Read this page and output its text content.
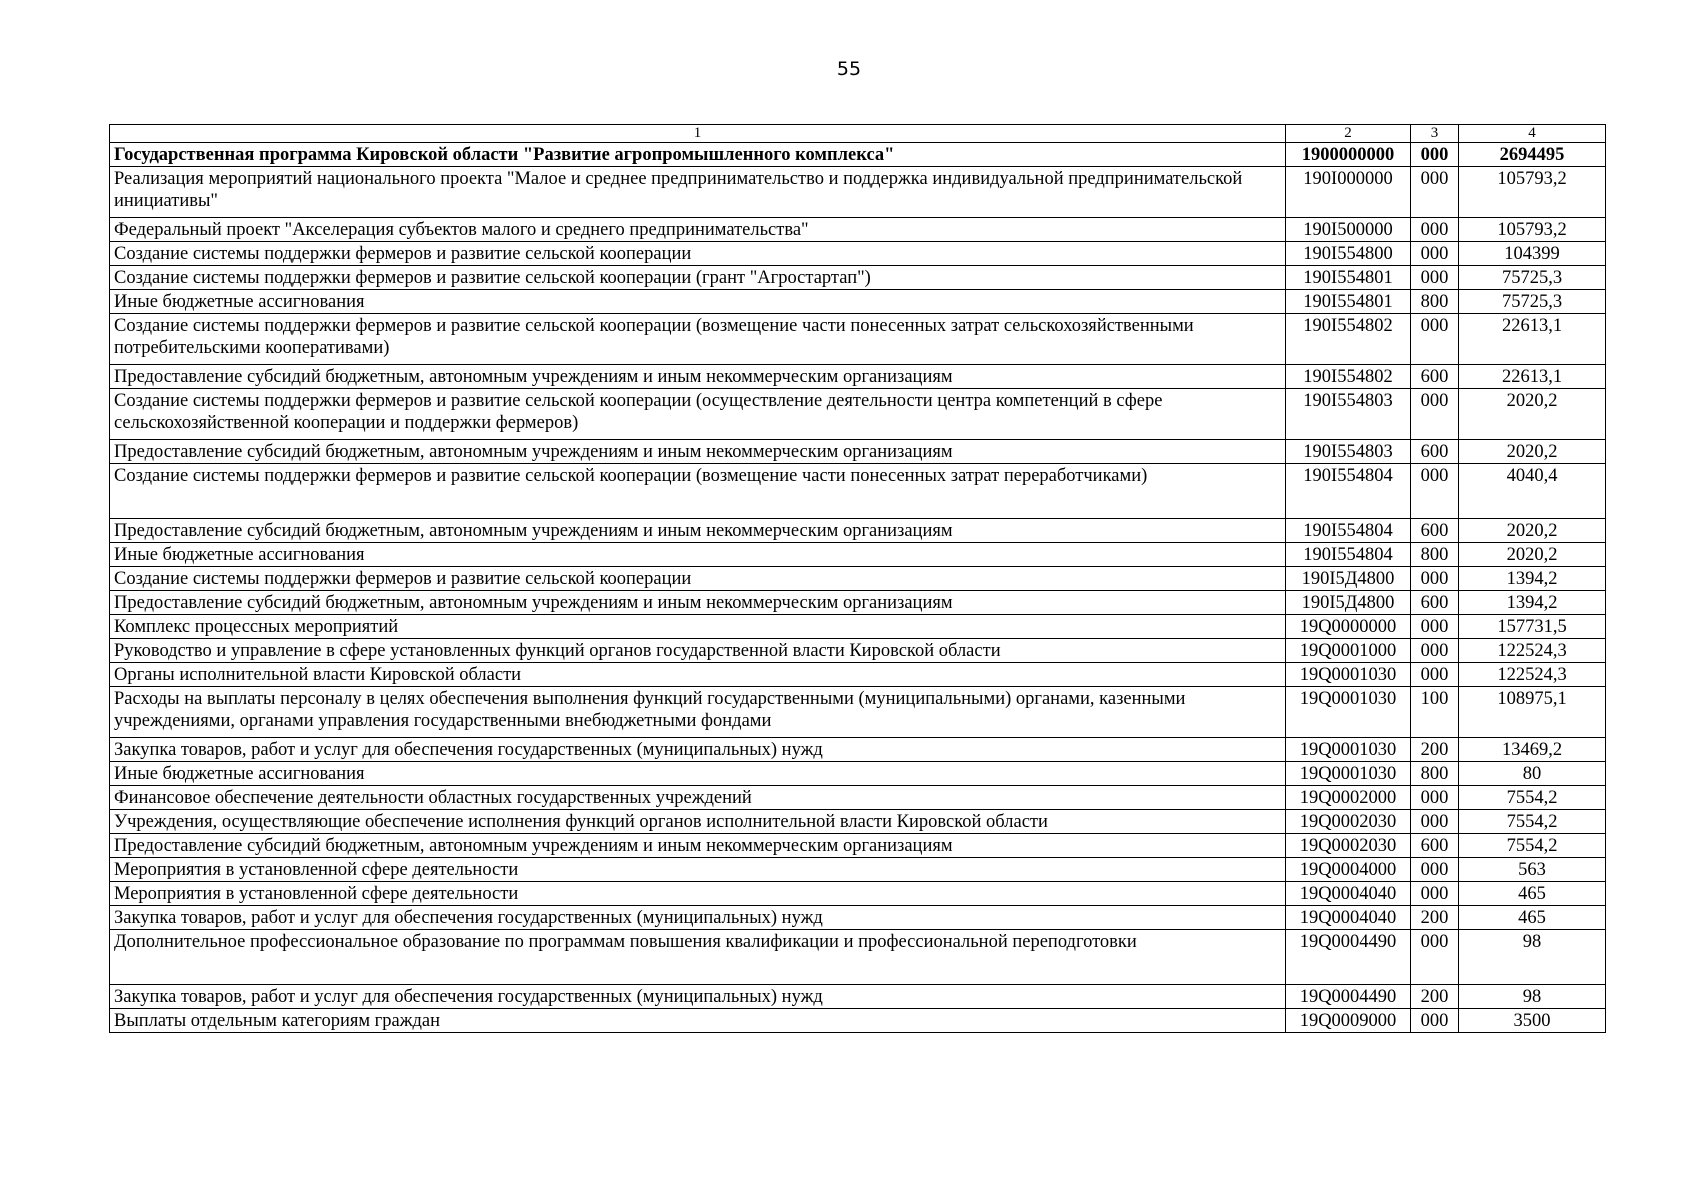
55
1	2	3	4
Государственная программа Кировской области "Развитие агропромышленного комплекса"	1900000000	000	2694495
Реализация мероприятий национального проекта "Малое и среднее предпринимательство и поддержка индивидуальной предпринимательской инициативы"	190I000000	000	105793,2
Федеральный проект "Акселерация субъектов малого и среднего предпринимательства"	190I500000	000	105793,2
Создание системы поддержки фермеров и развитие сельской кооперации	190I554800	000	104399
Создание системы поддержки фермеров и развитие сельской кооперации (грант "Агростартап")	190I554801	000	75725,3
Иные бюджетные ассигнования	190I554801	800	75725,3
Создание системы поддержки фермеров и развитие сельской кооперации (возмещение части понесенных затрат сельскохозяйственными потребительскими кооперативами)	190I554802	000	22613,1
Предоставление субсидий бюджетным, автономным учреждениям и иным некоммерческим организациям	190I554802	600	22613,1
Создание системы поддержки фермеров и развитие сельской кооперации (осуществление деятельности центра компетенций в сфере сельскохозяйственной кооперации и поддержки фермеров)	190I554803	000	2020,2
Предоставление субсидий бюджетным, автономным учреждениям и иным некоммерческим организациям	190I554803	600	2020,2
Создание системы поддержки фермеров и развитие сельской кооперации (возмещение части понесенных затрат переработчиками)	190I554804	000	4040,4
Предоставление субсидий бюджетным, автономным учреждениям и иным некоммерческим организациям	190I554804	600	2020,2
Иные бюджетные ассигнования	190I554804	800	2020,2
Создание системы поддержки фермеров и развитие сельской кооперации	190I5Д4800	000	1394,2
Предоставление субсидий бюджетным, автономным учреждениям и иным некоммерческим организациям	190I5Д4800	600	1394,2
Комплекс процессных мероприятий	19Q0000000	000	157731,5
Руководство и управление в сфере установленных функций органов государственной власти Кировской области	19Q0001000	000	122524,3
Органы исполнительной власти Кировской области	19Q0001030	000	122524,3
Расходы на выплаты персоналу в целях обеспечения выполнения функций государственными (муниципальными) органами, казенными учреждениями, органами управления государственными внебюджетными фондами	19Q0001030	100	108975,1
Закупка товаров, работ и услуг для обеспечения государственных (муниципальных) нужд	19Q0001030	200	13469,2
Иные бюджетные ассигнования	19Q0001030	800	80
Финансовое обеспечение деятельности областных государственных учреждений	19Q0002000	000	7554,2
Учреждения, осуществляющие обеспечение исполнения функций органов исполнительной власти Кировской области	19Q0002030	000	7554,2
Предоставление субсидий бюджетным, автономным учреждениям и иным некоммерческим организациям	19Q0002030	600	7554,2
Мероприятия в установленной сфере деятельности	19Q0004000	000	563
Мероприятия в установленной сфере деятельности	19Q0004040	000	465
Закупка товаров, работ и услуг для обеспечения государственных (муниципальных) нужд	19Q0004040	200	465
Дополнительное профессиональное образование по программам повышения квалификации и профессиональной переподготовки	19Q0004490	000	98
Закупка товаров, работ и услуг для обеспечения государственных (муниципальных) нужд	19Q0004490	200	98
Выплаты отдельным категориям граждан	19Q0009000	000	3500
